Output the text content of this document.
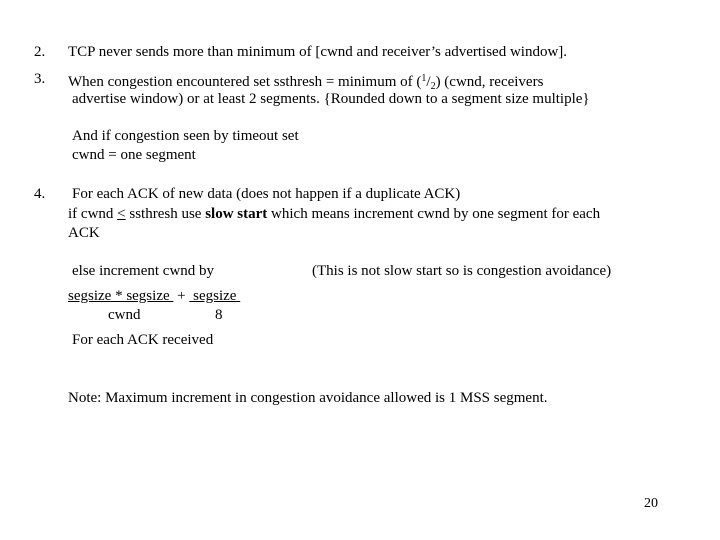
2. TCP never sends more than minimum of [cwnd and receiver’s advertised window].
3. When congestion encountered set ssthresh = minimum of $(^1/_2)$ (cwnd, receivers
advertise window) or at least 2 segments. {Rounded down to a segment size multiple}
And if congestion seen by timeout set
cwnd = one segment
4. For each ACK of new data (does not happen if a duplicate ACK)
if cwnd < ssthresh use slow start which means increment cwnd by one segment for each
ACK
else increment cwnd by	(This is not slow start so is congestion avoidance)
segsize * segsize  +  segsize
cwnd	8
For each ACK received
Note: Maximum increment in congestion avoidance allowed is 1 MSS segment.
20
